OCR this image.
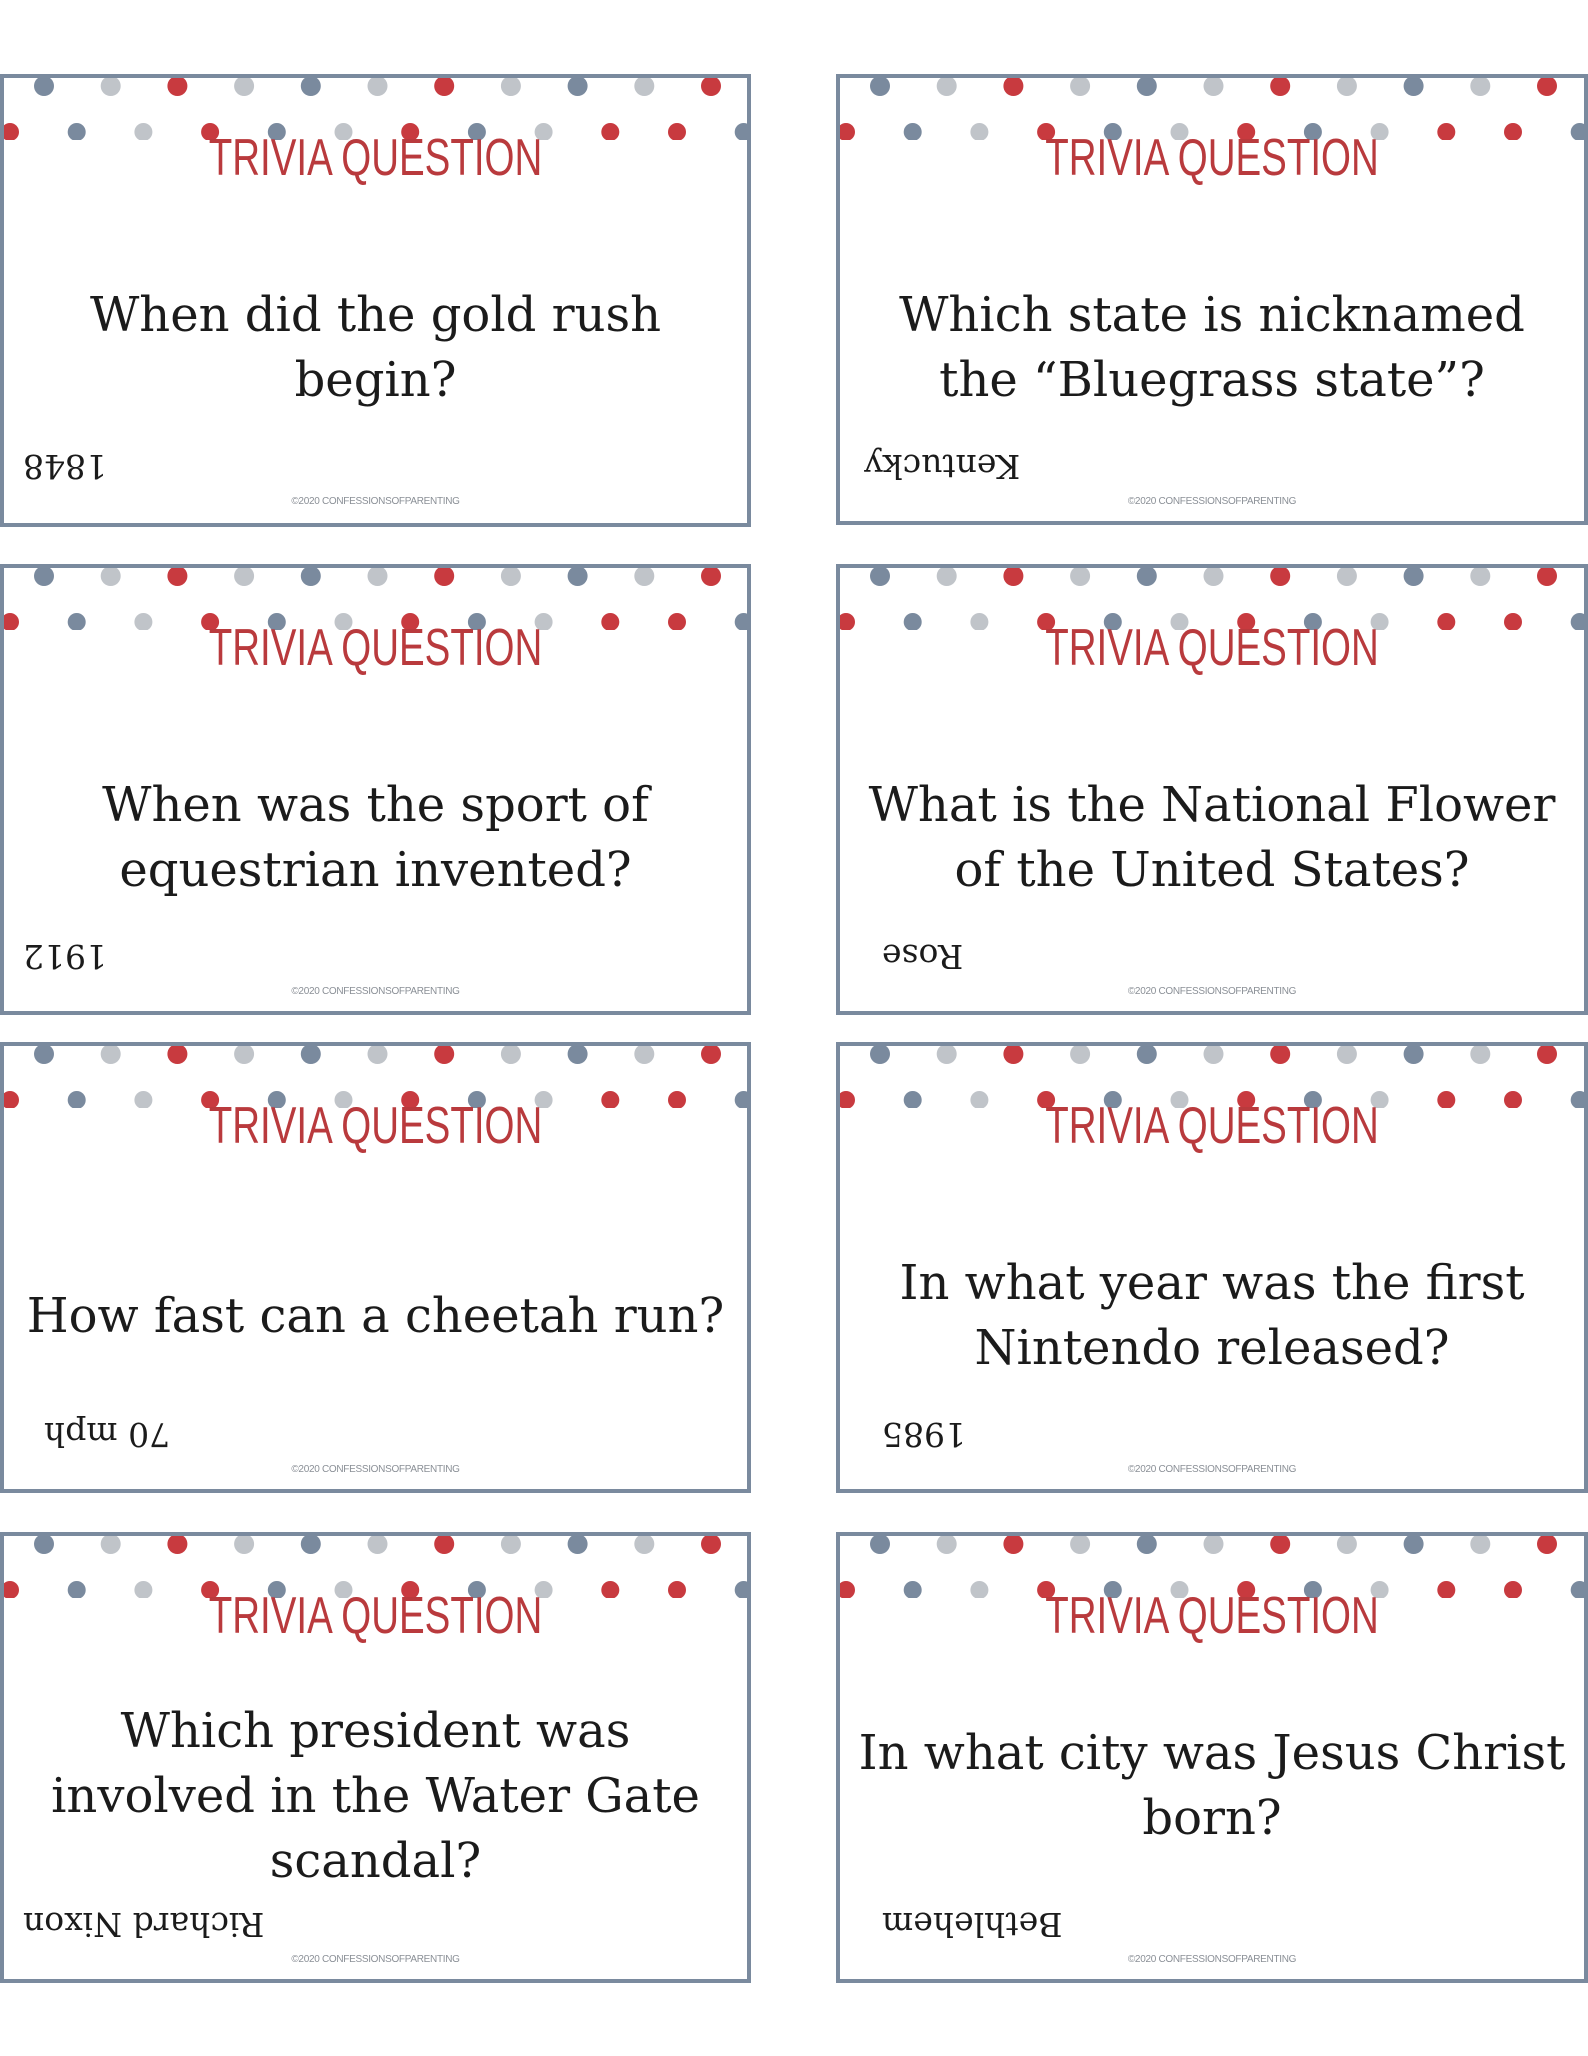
TRIVIA QUESTION
When did the gold rush begin?
1848
©2020 CONFESSIONSOFPARENTING
TRIVIA QUESTION
Which state is nicknamed the “Bluegrass state”?
Kentucky
©2020 CONFESSIONSOFPARENTING
TRIVIA QUESTION
When was the sport of equestrian invented?
1912
©2020 CONFESSIONSOFPARENTING
TRIVIA QUESTION
What is the National Flower of the United States?
Rose
©2020 CONFESSIONSOFPARENTING
TRIVIA QUESTION
How fast can a cheetah run?
70 mph
©2020 CONFESSIONSOFPARENTING
TRIVIA QUESTION
In what year was the first Nintendo released?
1985
©2020 CONFESSIONSOFPARENTING
TRIVIA QUESTION
Which president was involved in the Water Gate scandal?
Richard Nixon
©2020 CONFESSIONSOFPARENTING
TRIVIA QUESTION
In what city was Jesus Christ born?
Bethlehem
©2020 CONFESSIONSOFPARENTING
